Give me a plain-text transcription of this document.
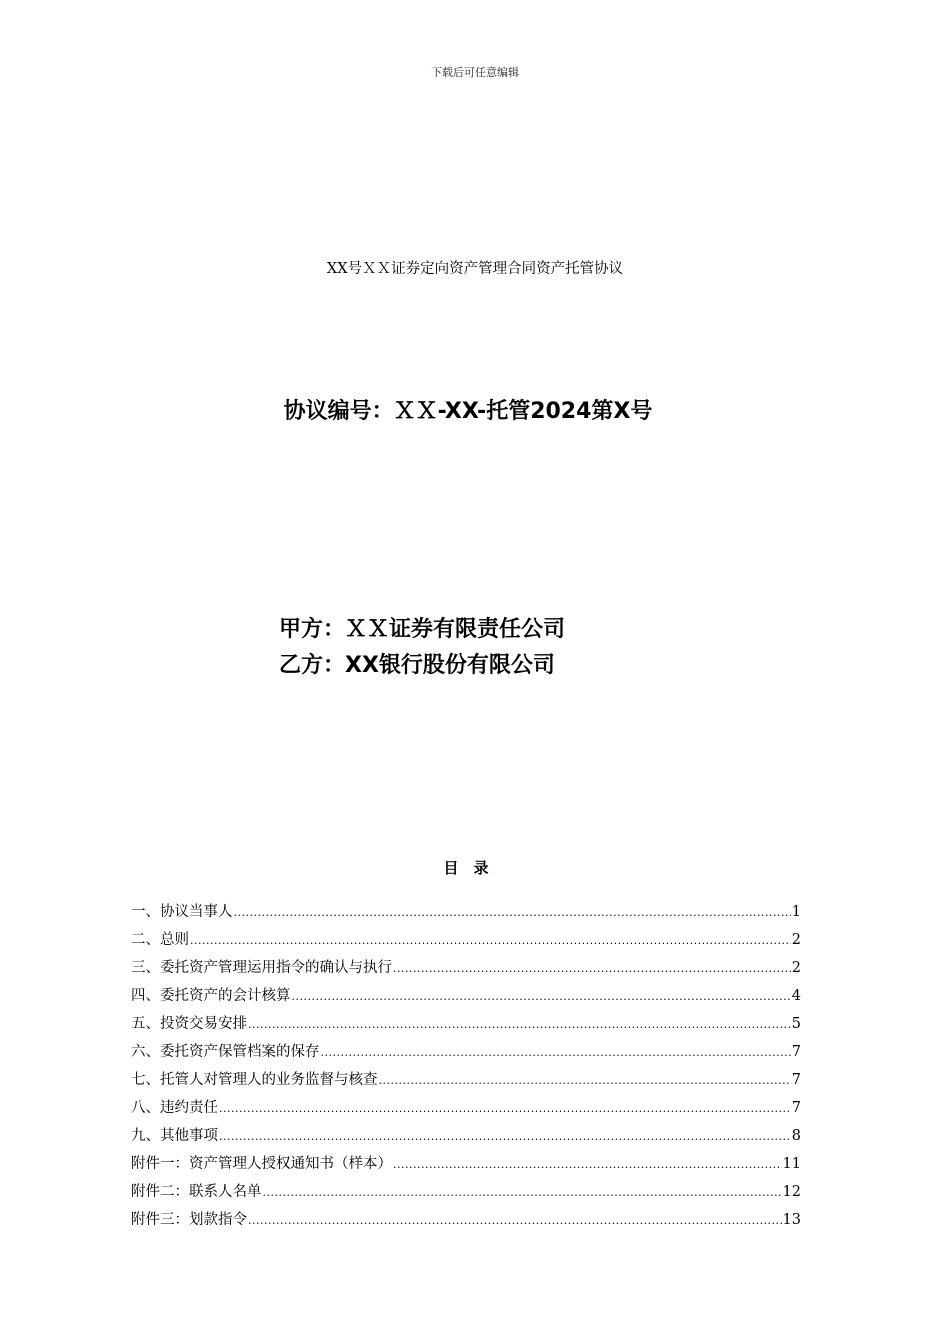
下载后可任意编辑
XX号ＸＸ证券定向资产管理合同资产托管协议
协议编号：ＸＸ-XX-托管2024第X号
甲方：ＸＸ证券有限责任公司
乙方：XX银行股份有限公司
目　录
一、协议当事人 .....	1
二、总则 .....	2
三、委托资产管理运用指令的确认与执行 .....	2
四、委托资产的会计核算 .....	4
五、投资交易安排 .....	5
六、委托资产保管档案的保存 .....	7
七、托管人对管理人的业务监督与核查 .....	7
八、违约责任 .....	7
九、其他事项 .....	8
附件一：资产管理人授权通知书（样本） .....	11
附件二：联系人名单 .....	12
附件三：划款指令 .....	13
